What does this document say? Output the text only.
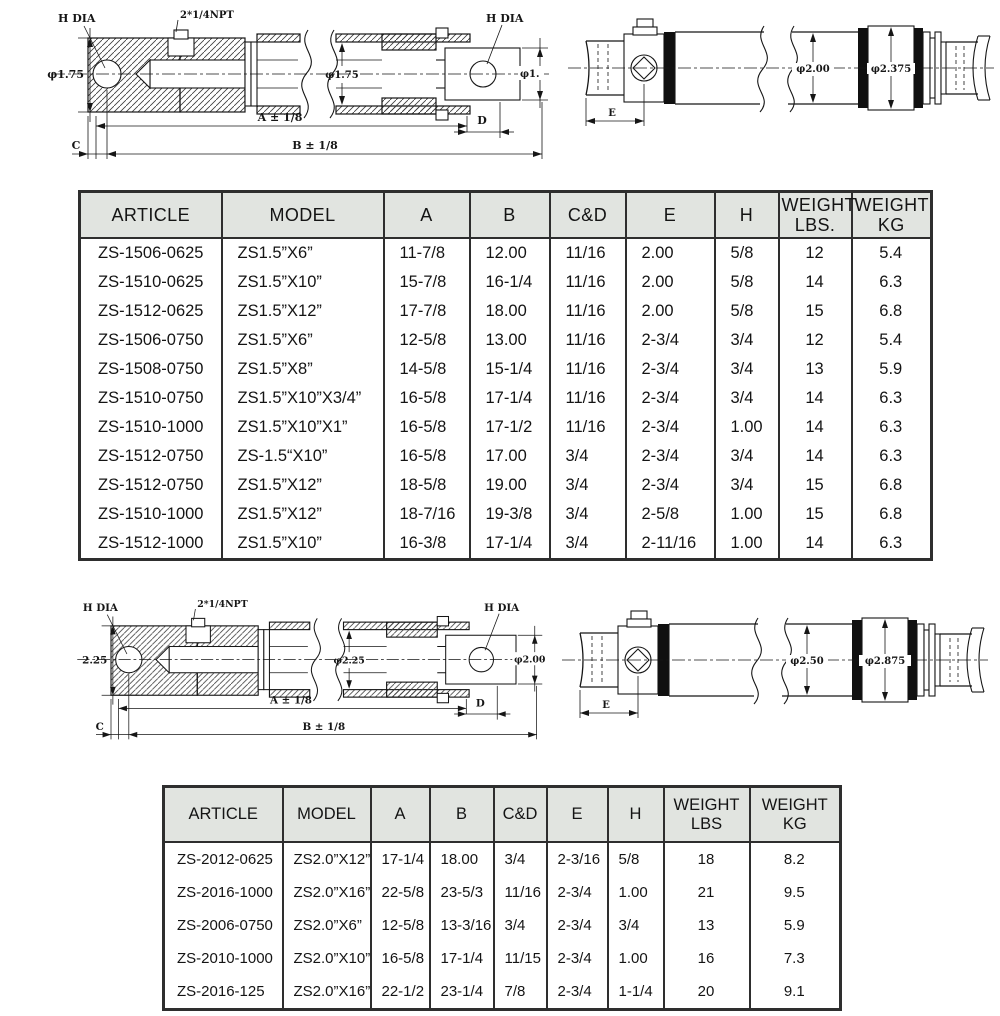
H DIA	2*1/4NPT	H DIA
φ1.75	φ1.75	φ1.
A ± 1/8	D
B ± 1/8
C
φ2.00	φ2.375
E
ARTICLE	MODEL	A	B	C&D	E	H	WEIGHT LBS.	WEIGHT KG
ZS-1506-0625	ZS1.5”X6”	11-7/8	12.00	11/16	2.00	5/8	12	5.4
ZS-1510-0625	ZS1.5”X10”	15-7/8	16-1/4	11/16	2.00	5/8	14	6.3
ZS-1512-0625	ZS1.5”X12”	17-7/8	18.00	11/16	2.00	5/8	15	6.8
ZS-1506-0750	ZS1.5”X6”	12-5/8	13.00	11/16	2-3/4	3/4	12	5.4
ZS-1508-0750	ZS1.5”X8”	14-5/8	15-1/4	11/16	2-3/4	3/4	13	5.9
ZS-1510-0750	ZS1.5”X10”X3/4”	16-5/8	17-1/4	11/16	2-3/4	3/4	14	6.3
ZS-1510-1000	ZS1.5”X10”X1”	16-5/8	17-1/2	11/16	2-3/4	1.00	14	6.3
ZS-1512-0750	ZS-1.5“X10”	16-5/8	17.00	3/4	2-3/4	3/4	14	6.3
ZS-1512-0750	ZS1.5”X12”	18-5/8	19.00	3/4	2-3/4	3/4	15	6.8
ZS-1510-1000	ZS1.5”X12”	18-7/16	19-3/8	3/4	2-5/8	1.00	15	6.8
ZS-1512-1000	ZS1.5”X10”	16-3/8	17-1/4	3/4	2-11/16	1.00	14	6.3
H DIA	2*1/4NPT	H DIA
2.25	φ2.25	φ2.00
A ± 1/8	D
B ± 1/8
C
φ2.50	φ2.875
E
ARTICLE	MODEL	A	B	C&D	E	H	WEIGHT LBS	WEIGHT KG
ZS-2012-0625	ZS2.0”X12”	17-1/4	18.00	3/4	2-3/16	5/8	18	8.2
ZS-2016-1000	ZS2.0”X16”	22-5/8	23-5/3	11/16	2-3/4	1.00	21	9.5
ZS-2006-0750	ZS2.0”X6”	12-5/8	13-3/16	3/4	2-3/4	3/4	13	5.9
ZS-2010-1000	ZS2.0”X10”	16-5/8	17-1/4	11/15	2-3/4	1.00	16	7.3
ZS-2016-125	ZS2.0”X16”	22-1/2	23-1/4	7/8	2-3/4	1-1/4	20	9.1
